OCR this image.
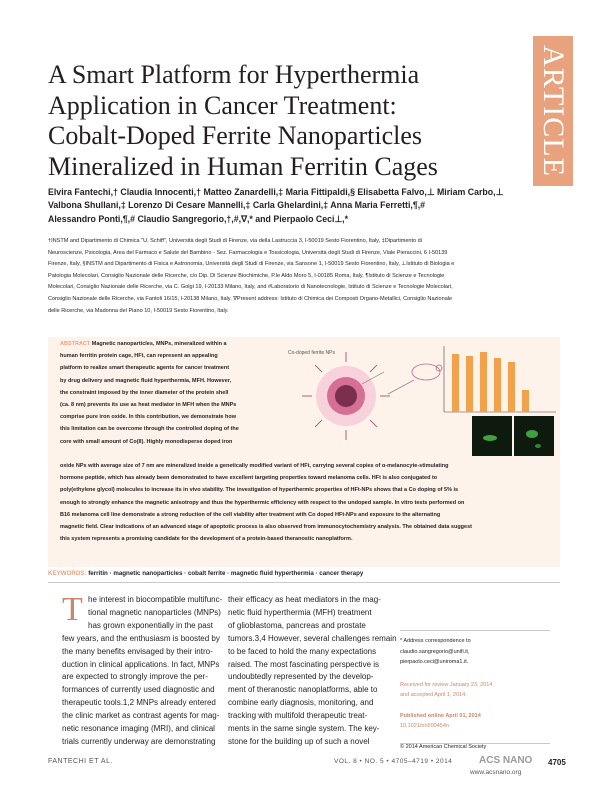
ARTICLE
A Smart Platform for Hyperthermia
Application in Cancer Treatment:
Cobalt-Doped Ferrite Nanoparticles
Mineralized in Human Ferritin Cages
Elvira Fantechi,† Claudia Innocenti,† Matteo Zanardelli,‡ Maria Fittipaldi,§ Elisabetta Falvo,⊥ Miriam Carbo,⊥
Valbona Shullani,‡ Lorenzo Di Cesare Mannelli,‡ Carla Ghelardini,‡ Anna Maria Ferretti,¶,#
Alessandro Ponti,¶,# Claudio Sangregorio,†,#,∇,* and Pierpaolo Ceci⊥,*
†INSTM and Dipartimento di Chimica "U. Schiff", Università degli Studi di Firenze, via della Lastruccia 3, I-50019 Sesto Fiorentino, Italy, ‡Dipartimento di
Neuroscienze, Psicologia, Area del Farmaco e Salute del Bambino - Sez. Farmacologia e Tossicologia, Università degli Studi di Firenze, Viale Pieraccini, 6 I-50139
Firenze, Italy, §INSTM and Dipartimento di Fisica e Astronomia, Università degli Studi di Firenze, via Sansone 1, I-50019 Sesto Fiorentino, Italy, ⊥Istituto di Biologia e
Patologia Molecolari, Consiglio Nazionale delle Ricerche, c/o Dip. Di Scienze Biochimiche, P.le Aldo Moro 5, I-00185 Roma, Italy, ¶Istituto di Scienze e Tecnologie
Molecolari, Consiglio Nazionale delle Ricerche, via C. Golgi 19, I-20133 Milano, Italy, and #Laboratorio di Nanotecnologie, Istituto di Scienze e Tecnologie Molecolari,
Consiglio Nazionale delle Ricerche, via Fantoli 16/15, I-20138 Milano, Italy. ∇Present address: Istituto di Chimica dei Composti Organo-Metallici, Consiglio Nazionale
delle Ricerche, via Madonna del Piano 10, I-50019 Sesto Fiorentino, Italy.
ABSTRACT Magnetic nanoparticles, MNPs, mineralized within a
human ferritin protein cage, HFt, can represent an appealing
platform to realize smart therapeutic agents for cancer treatment
by drug delivery and magnetic fluid hyperthermia, MFH. However,
the constraint imposed by the inner diameter of the protein shell
(ca. 8 nm) prevents its use as heat mediator in MFH when the MNPs
comprise pure iron oxide. In this contribution, we demonstrate how
this limitation can be overcome through the controlled doping of the
core with small amount of Co(II). Highly monodisperse doped iron
Co-doped ferrite NPs
oxide NPs with average size of 7 nm are mineralized inside a genetically modified variant of HFt, carrying several copies of α-melanocyte-stimulating
hormone peptide, which has already been demonstrated to have excellent targeting properties toward melanoma cells. HFt is also conjugated to
poly(ethylene glycol) molecules to increase its in vivo stability. The investigation of hyperthermic properties of HFt-NPs shows that a Co doping of 5% is
enough to strongly enhance the magnetic anisotropy and thus the hyperthermic efficiency with respect to the undoped sample. In vitro tests performed on
B16 melanoma cell line demonstrate a strong reduction of the cell viability after treatment with Co doped HFt-NPs and exposure to the alternating
magnetic field. Clear indications of an advanced stage of apoptotic process is also observed from immunocytochemistry analysis. The obtained data suggest
this system represents a promising candidate for the development of a protein-based theranostic nanoplatform.
KEYWORDS: ferritin · magnetic nanoparticles · cobalt ferrite · magnetic fluid hyperthermia · cancer therapy
T he interest in biocompatible multifunc-
tional magnetic nanoparticles (MNPs)
has grown exponentially in the past
few years, and the enthusiasm is boosted by
the many benefits envisaged by their intro-
duction in clinical applications. In fact, MNPs
are expected to strongly improve the per-
formances of currently used diagnostic and
therapeutic tools.1,2 MNPs already entered
the clinic market as contrast agents for mag-
netic resonance imaging (MRI), and clinical
trials currently underway are demonstrating
their efficacy as heat mediators in the mag-
netic fluid hyperthermia (MFH) treatment
of glioblastoma, pancreas and prostate
tumors.3,4 However, several challenges remain
to be faced to hold the many expectations
raised. The most fascinating perspective is
undoubtedly represented by the develop-
ment of theranostic nanoplatforms, able to
combine early diagnosis, monitoring, and
tracking with multifold therapeutic treat-
ments in the same single system. The key-
stone for the building up of such a novel
* Address correspondence to
claudio.sangregorio@unifi.it,
pierpaolo.ceci@uniroma1.it.
Received for review January 23, 2014
and accepted April 1, 2014.
Published online April 01, 2014
10.1021/nn500454n
© 2014 American Chemical Society
FANTECHI ET AL.	VOL. 8 • NO. 5 • 4705–4719 • 2014	ACS NANO 4705
www.acsnano.org
